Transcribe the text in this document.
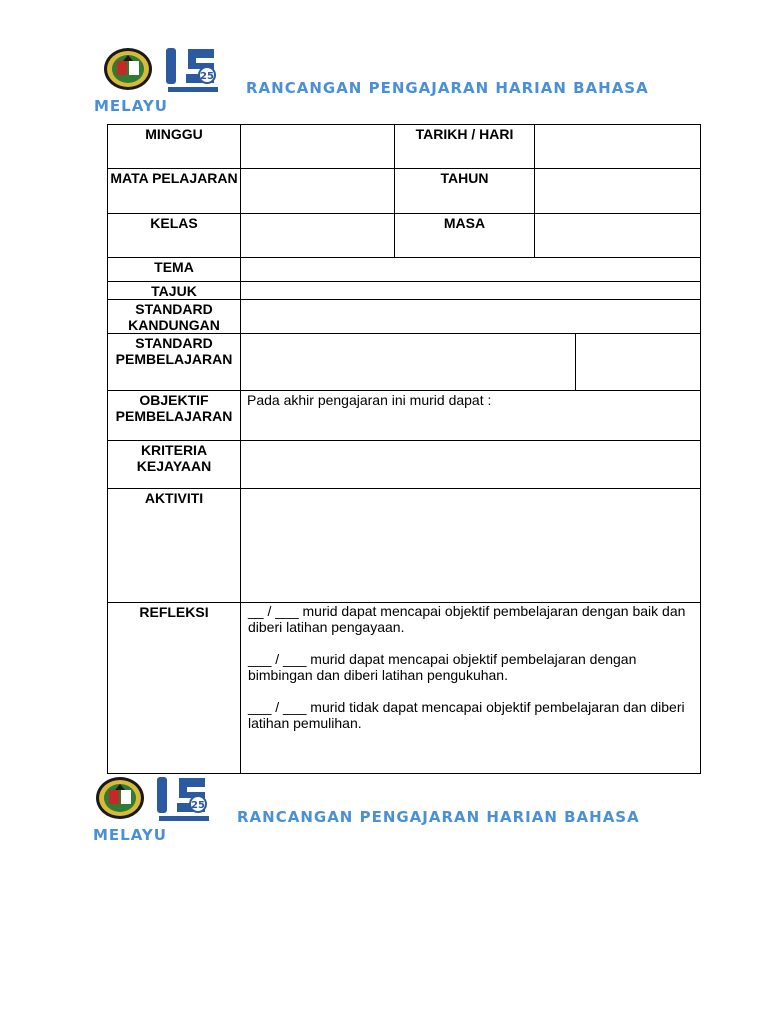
25
RANCANGAN PENGAJARAN HARIAN BAHASA
MELAYU
MINGGU		TARIKH / HARI		
MATA PELAJARAN		TAHUN		
KELAS		MASA		
TEMA				
TAJUK				
STANDARD KANDUNGAN				
STANDARD PEMBELAJARAN				
OBJEKTIF PEMBELAJARAN	Pada akhir pengajaran ini murid dapat :			
KRITERIA KEJAYAAN				
AKTIVITI				
REFLEKSI	__ / ___ murid dapat mencapai objektif pembelajaran dengan baik dan diberi latihan pengayaan.

___ / ___ murid dapat mencapai objektif pembelajaran dengan bimbingan dan diberi latihan pengukuhan.

___ / ___ murid tidak dapat mencapai objektif pembelajaran dan diberi latihan pemulihan.			

25
RANCANGAN PENGAJARAN HARIAN BAHASA
MELAYU
